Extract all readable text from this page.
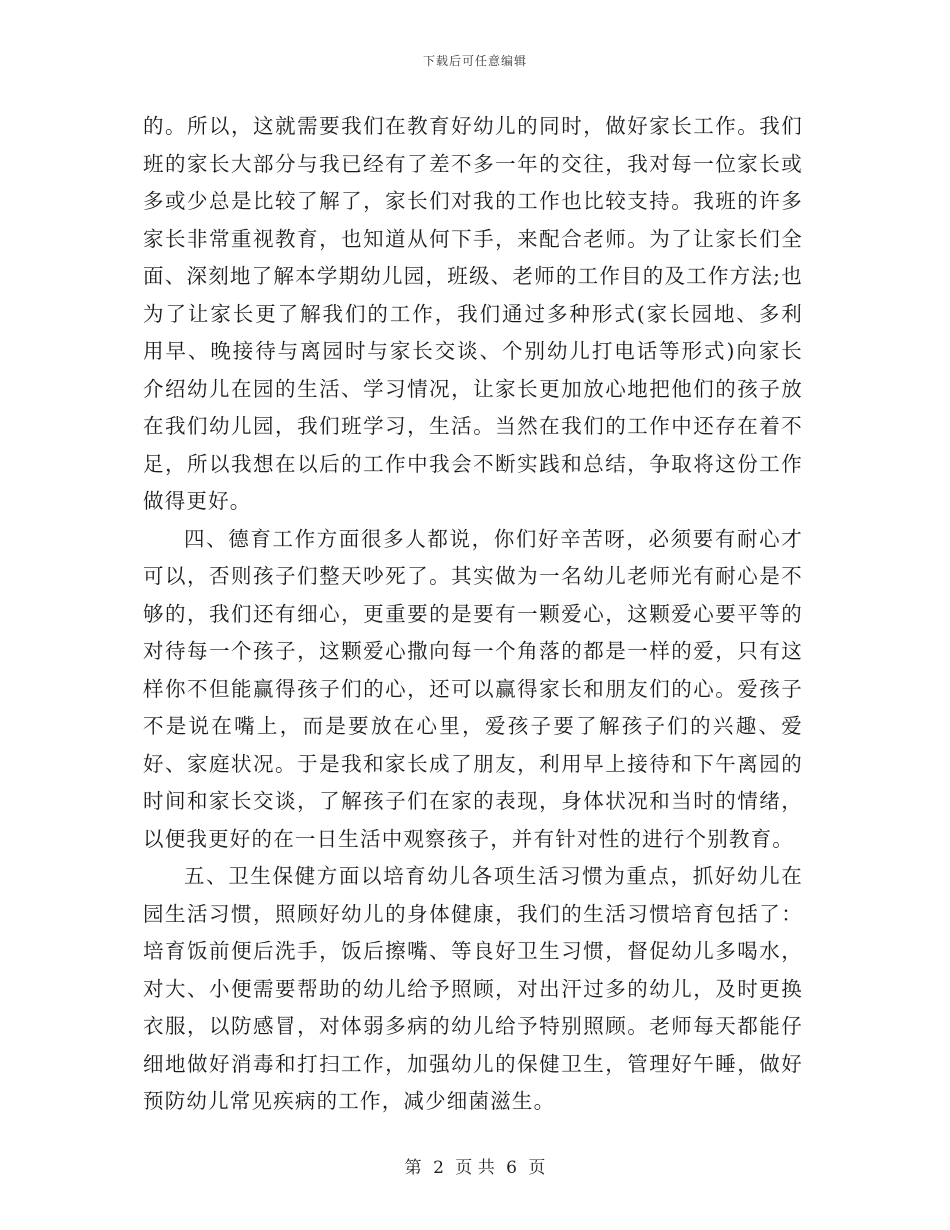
下载后可任意编辑

的。所以，这就需要我们在教育好幼儿的同时，做好家长工作。我们班的家长大部分与我已经有了差不多一年的交往，我对每一位家长或多或少总是比较了解了，家长们对我的工作也比较支持。我班的许多家长非常重视教育，也知道从何下手，来配合老师。为了让家长们全面、深刻地了解本学期幼儿园，班级、老师的工作目的及工作方法;也为了让家长更了解我们的工作，我们通过多种形式(家长园地、多利用早、晚接待与离园时与家长交谈、个别幼儿打电话等形式)向家长介绍幼儿在园的生活、学习情况，让家长更加放心地把他们的孩子放在我们幼儿园，我们班学习，生活。当然在我们的工作中还存在着不足，所以我想在以后的工作中我会不断实践和总结，争取将这份工作做得更好。

四、德育工作方面很多人都说，你们好辛苦呀，必须要有耐心才可以，否则孩子们整天吵死了。其实做为一名幼儿老师光有耐心是不够的，我们还有细心，更重要的是要有一颗爱心，这颗爱心要平等的对待每一个孩子，这颗爱心撒向每一个角落的都是一样的爱，只有这样你不但能赢得孩子们的心，还可以赢得家长和朋友们的心。爱孩子不是说在嘴上，而是要放在心里，爱孩子要了解孩子们的兴趣、爱好、家庭状况。于是我和家长成了朋友，利用早上接待和下午离园的时间和家长交谈，了解孩子们在家的表现，身体状况和当时的情绪，以便我更好的在一日生活中观察孩子，并有针对性的进行个别教育。

五、卫生保健方面以培育幼儿各项生活习惯为重点，抓好幼儿在园生活习惯，照顾好幼儿的身体健康，我们的生活习惯培育包括了：培育饭前便后洗手，饭后擦嘴、等良好卫生习惯，督促幼儿多喝水，对大、小便需要帮助的幼儿给予照顾，对出汗过多的幼儿，及时更换衣服，以防感冒，对体弱多病的幼儿给予特别照顾。老师每天都能仔细地做好消毒和打扫工作，加强幼儿的保健卫生，管理好午睡，做好预防幼儿常见疾病的工作，减少细菌滋生。

第 2 页 共 6 页
